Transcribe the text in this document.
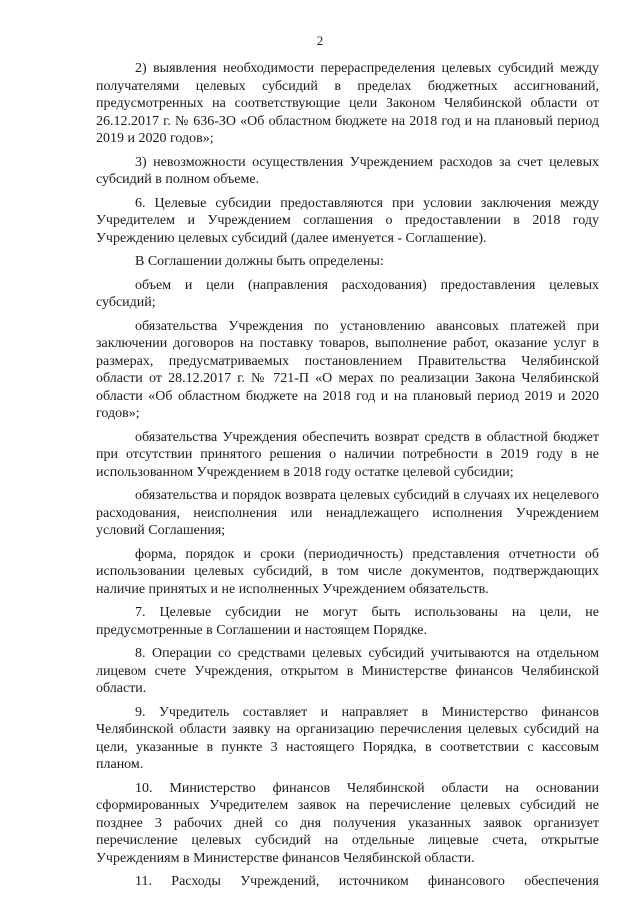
2

2) выявления необходимости перераспределения целевых субсидий между получателями целевых субсидий в пределах бюджетных ассигнований, предусмотренных на соответствующие цели Законом Челябинской области от 26.12.2017 г. № 636-ЗО «Об областном бюджете на 2018 год и на плановый период 2019 и 2020 годов»;

3) невозможности осуществления Учреждением расходов за счет целевых субсидий в полном объеме.

6. Целевые субсидии предоставляются при условии заключения между Учредителем и Учреждением соглашения о предоставлении в 2018 году Учреждению целевых субсидий (далее именуется - Соглашение).

В Соглашении должны быть определены:

объем и цели (направления расходования) предоставления целевых субсидий;

обязательства Учреждения по установлению авансовых платежей при заключении договоров на поставку товаров, выполнение работ, оказание услуг в размерах, предусматриваемых постановлением Правительства Челябинской области от 28.12.2017 г. № 721-П «О мерах по реализации Закона Челябинской области «Об областном бюджете на 2018 год и на плановый период 2019 и 2020 годов»;

обязательства Учреждения обеспечить возврат средств в областной бюджет при отсутствии принятого решения о наличии потребности в 2019 году в не использованном Учреждением в 2018 году остатке целевой субсидии;

обязательства и порядок возврата целевых субсидий в случаях их нецелевого расходования, неисполнения или ненадлежащего исполнения Учреждением условий Соглашения;

форма, порядок и сроки (периодичность) представления отчетности об использовании целевых субсидий, в том числе документов, подтверждающих наличие принятых и не исполненных Учреждением обязательств.

7. Целевые субсидии не могут быть использованы на цели, не предусмотренные в Соглашении и настоящем Порядке.

8. Операции со средствами целевых субсидий учитываются на отдельном лицевом счете Учреждения, открытом в Министерстве финансов Челябинской области.

9. Учредитель составляет и направляет в Министерство финансов Челябинской области заявку на организацию перечисления целевых субсидий на цели, указанные в пункте 3 настоящего Порядка, в соответствии с кассовым планом.

10. Министерство финансов Челябинской области на основании сформированных Учредителем заявок на перечисление целевых субсидий не позднее 3 рабочих дней со дня получения указанных заявок организует перечисление целевых субсидий на отдельные лицевые счета, открытые Учреждениям в Министерстве финансов Челябинской области.

11. Расходы Учреждений, источником финансового обеспечения
